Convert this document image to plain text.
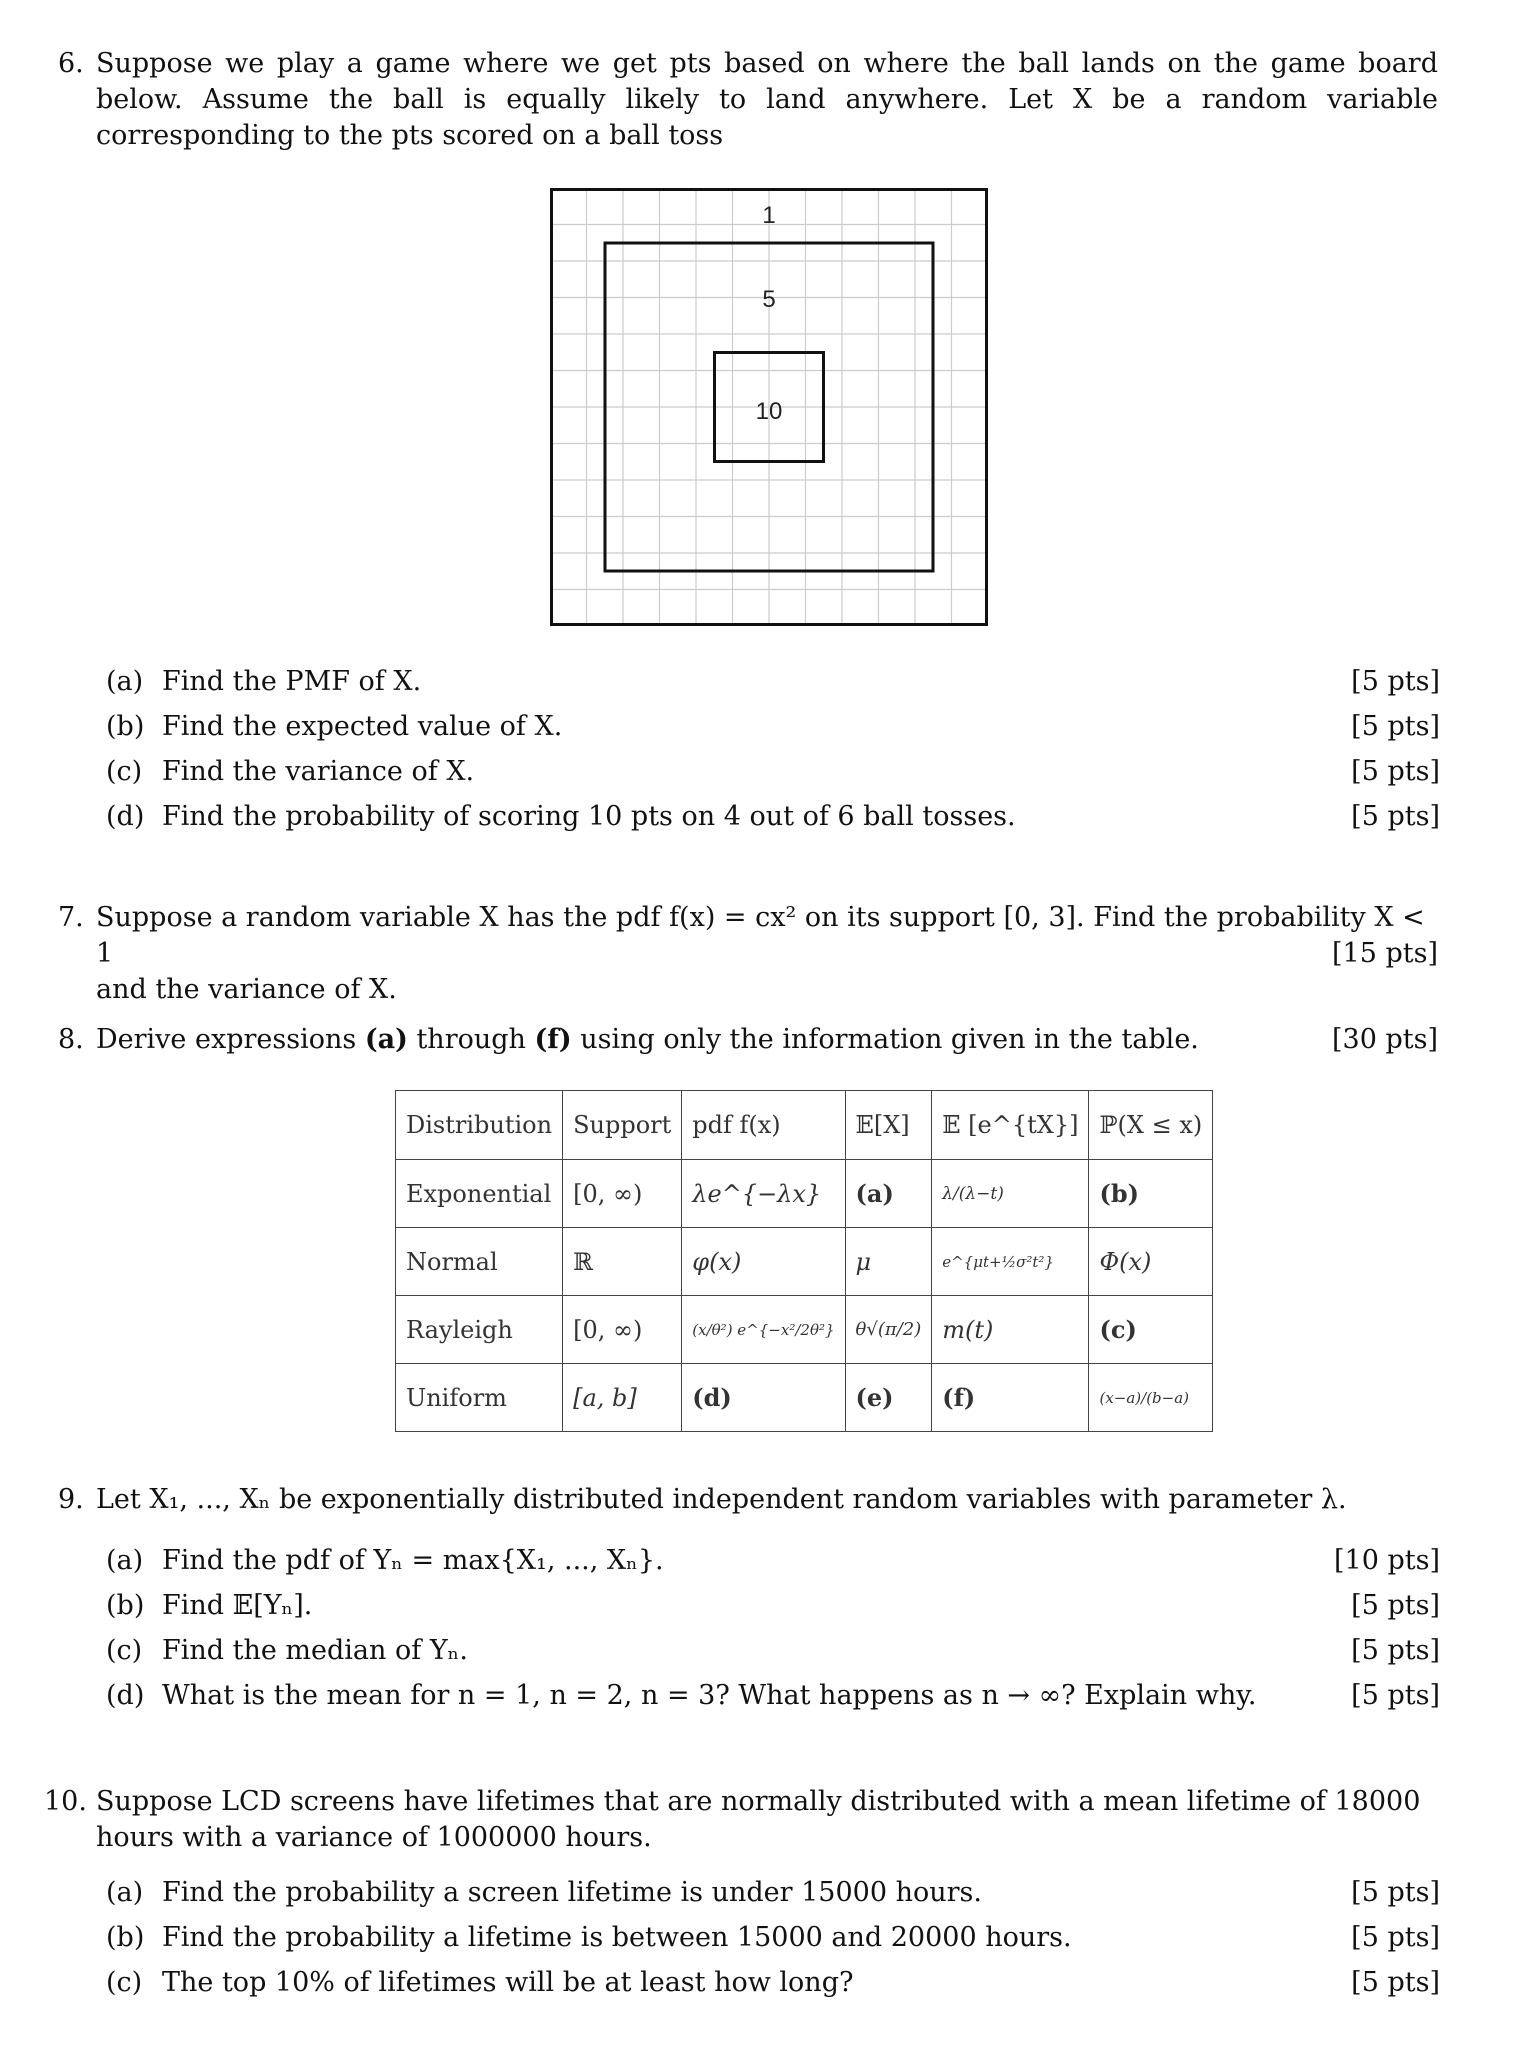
6. Suppose we play a game where we get pts based on where the ball lands on the game board below. Assume the ball is equally likely to land anywhere. Let X be a random variable corresponding to the pts scored on a ball toss
1
5
10
(a) Find the PMF of X.	[5 pts]
(b) Find the expected value of X.	[5 pts]
(c) Find the variance of X.	[5 pts]
(d) Find the probability of scoring 10 pts on 4 out of 6 ball tosses.	[5 pts]
7. Suppose a random variable X has the pdf f(x) = cx² on its support [0, 3]. Find the probability X < 1
and the variance of X.
[15 pts]
8. Derive expressions (a) through (f) using only the information given in the table.	[30 pts]
Distribution	Support	pdf f(x)	𝔼[X]	𝔼 [e^{tX}]	ℙ(X ≤ x)
Exponential	[0, ∞)	λe^{−λx}	(a)	λ/(λ−t)	(b)
Normal	ℝ	φ(x)	μ	e^{μt+½σ²t²}	Φ(x)
Rayleigh	[0, ∞)	(x/θ²) e^{−x²/2θ²}	θ√(π/2)	m(t)	(c)
Uniform	[a, b]	(d)	(e)	(f)	(x−a)/(b−a)
9. Let X₁, ..., Xₙ be exponentially distributed independent random variables with parameter λ.
(a) Find the pdf of Yₙ = max{X₁, ..., Xₙ}.	[10 pts]
(b) Find 𝔼[Yₙ].	[5 pts]
(c) Find the median of Yₙ.	[5 pts]
(d) What is the mean for n = 1, n = 2, n = 3? What happens as n → ∞? Explain why.	[5 pts]
10. Suppose LCD screens have lifetimes that are normally distributed with a mean lifetime of 18000 hours with a variance of 1000000 hours.
(a) Find the probability a screen lifetime is under 15000 hours.	[5 pts]
(b) Find the probability a lifetime is between 15000 and 20000 hours.	[5 pts]
(c) The top 10% of lifetimes will be at least how long?	[5 pts]
